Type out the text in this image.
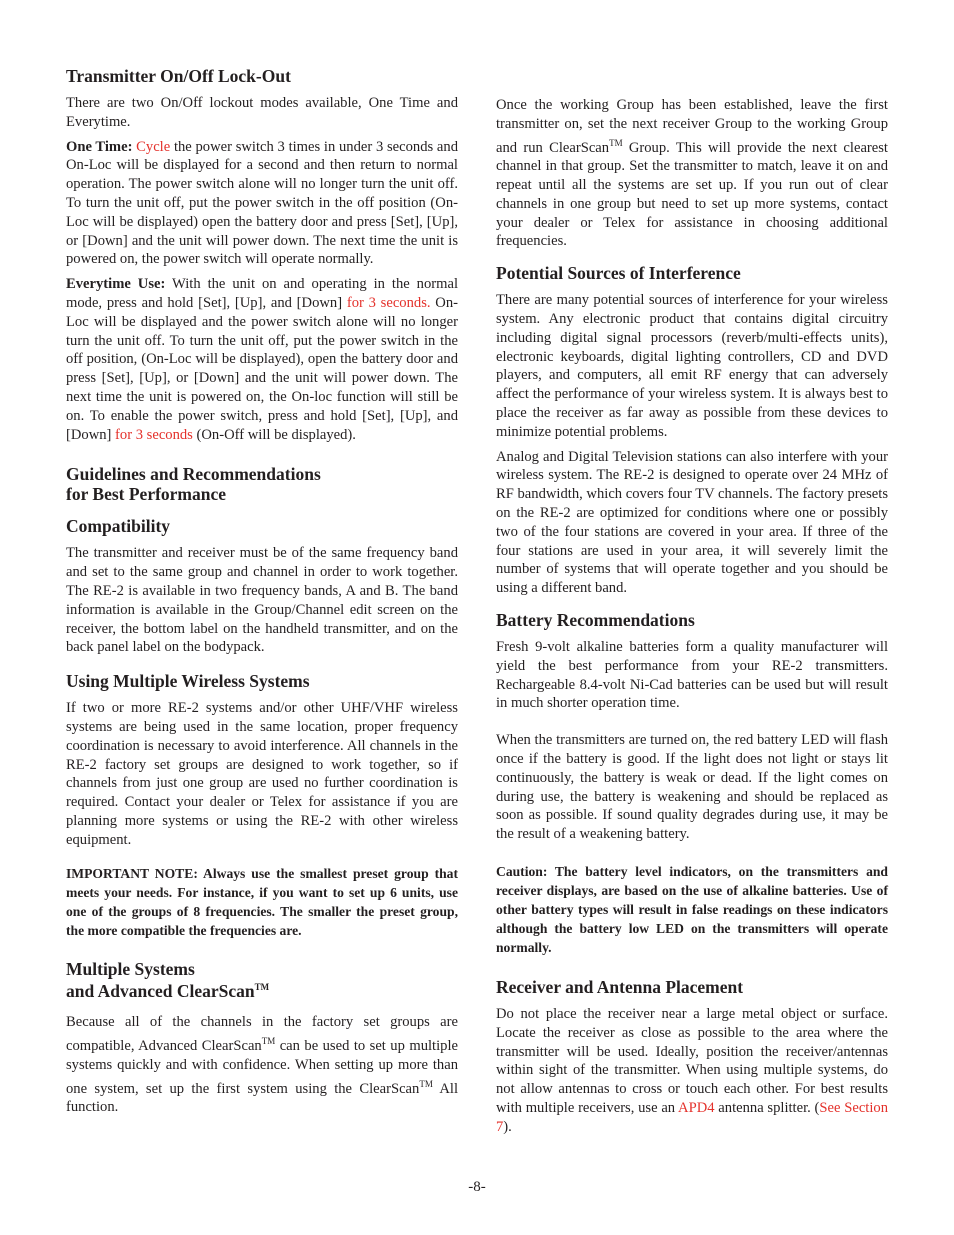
Transmitter On/Off Lock-Out

There are two On/Off lockout modes available, One Time and Everytime.

One Time: Cycle the power switch 3 times in under 3 seconds and On-Loc will be displayed for a second and then return to normal operation. The power switch alone will no longer turn the unit off. To turn the unit off, put the power switch in the off position (On-Loc will be displayed) open the battery door and press [Set], [Up], or [Down] and the unit will power down. The next time the unit is powered on, the power switch will operate normally.

Everytime Use: With the unit on and operating in the normal mode, press and hold [Set], [Up], and [Down] for 3 seconds. On-Loc will be displayed and the power switch alone will no longer turn the unit off. To turn the unit off, put the power switch in the off position, (On-Loc will be displayed), open the battery door and press [Set], [Up], or [Down] and the unit will power down. The next time the unit is powered on, the On-loc function will still be on. To enable the power switch, press and hold [Set], [Up], and [Down] for 3 seconds (On-Off will be displayed).

Guidelines and Recommendations
for Best Performance
Compatibility

The transmitter and receiver must be of the same frequency band and set to the same group and channel in order to work together. The RE-2 is available in two frequency bands, A and B. The band information is available in the Group/Channel edit screen on the receiver, the bottom label on the handheld transmitter, and on the back panel label on the bodypack.

Using Multiple Wireless Systems

If two or more RE-2 systems and/or other UHF/VHF wireless systems are being used in the same location, proper frequency coordination is necessary to avoid interference. All channels in the RE-2 factory set groups are designed to work together, so if channels from just one group are used no further coordination is required. Contact your dealer or Telex for assistance if you are planning more systems or using the RE-2 with other wireless equipment.

IMPORTANT NOTE: Always use the smallest preset group that meets your needs. For instance, if you want to set up 6 units, use one of the groups of 8 frequencies. The smaller the preset group, the more compatible the frequencies are.

Multiple Systems
and Advanced ClearScan™

Because all of the channels in the factory set groups are compatible, Advanced ClearScan™ can be used to set up multiple systems quickly and with confidence. When setting up more than one system, set up the first system using the ClearScan™ All function.

Once the working Group has been established, leave the first transmitter on, set the next receiver Group to the working Group and run ClearScan™ Group. This will provide the next clearest channel in that group. Set the transmitter to match, leave it on and repeat until all the systems are set up. If you run out of clear channels in one group but need to set up more systems, contact your dealer or Telex for assistance in choosing additional frequencies.

Potential Sources of Interference

There are many potential sources of interference for your wireless system. Any electronic product that contains digital circuitry including digital signal processors (reverb/multi-effects units), electronic keyboards, digital lighting controllers, CD and DVD players, and computers, all emit RF energy that can adversely affect the performance of your wireless system. It is always best to place the receiver as far away as possible from these devices to minimize potential problems.

Analog and Digital Television stations can also interfere with your wireless system. The RE-2 is designed to operate over 24 MHz of RF bandwidth, which covers four TV channels. The factory presets on the RE-2 are optimized for conditions where one or possibly two of the four stations are covered in your area. If three of the four stations are used in your area, it will severely limit the number of systems that will operate together and you should be using a different band.

Battery Recommendations

Fresh 9-volt alkaline batteries form a quality manufacturer will yield the best performance from your RE-2 transmitters. Rechargeable 8.4-volt Ni-Cad batteries can be used but will result in much shorter operation time.

When the transmitters are turned on, the red battery LED will flash once if the battery is good. If the light does not light or stays lit continuously, the battery is weak or dead. If the light comes on during use, the battery is weakening and should be replaced as soon as possible. If sound quality degrades during use, it may be the result of a weakening battery.

Caution: The battery level indicators, on the transmitters and receiver displays, are based on the use of alkaline batteries. Use of other battery types will result in false readings on these indicators although the battery low LED on the transmitters will operate normally.

Receiver and Antenna Placement

Do not place the receiver near a large metal object or surface. Locate the receiver as close as possible to the area where the transmitter will be used. Ideally, position the receiver/antennas within sight of the transmitter. When using multiple systems, do not allow antennas to cross or touch each other. For best results with multiple receivers, use an APD4 antenna splitter. (See Section 7).

-8-
